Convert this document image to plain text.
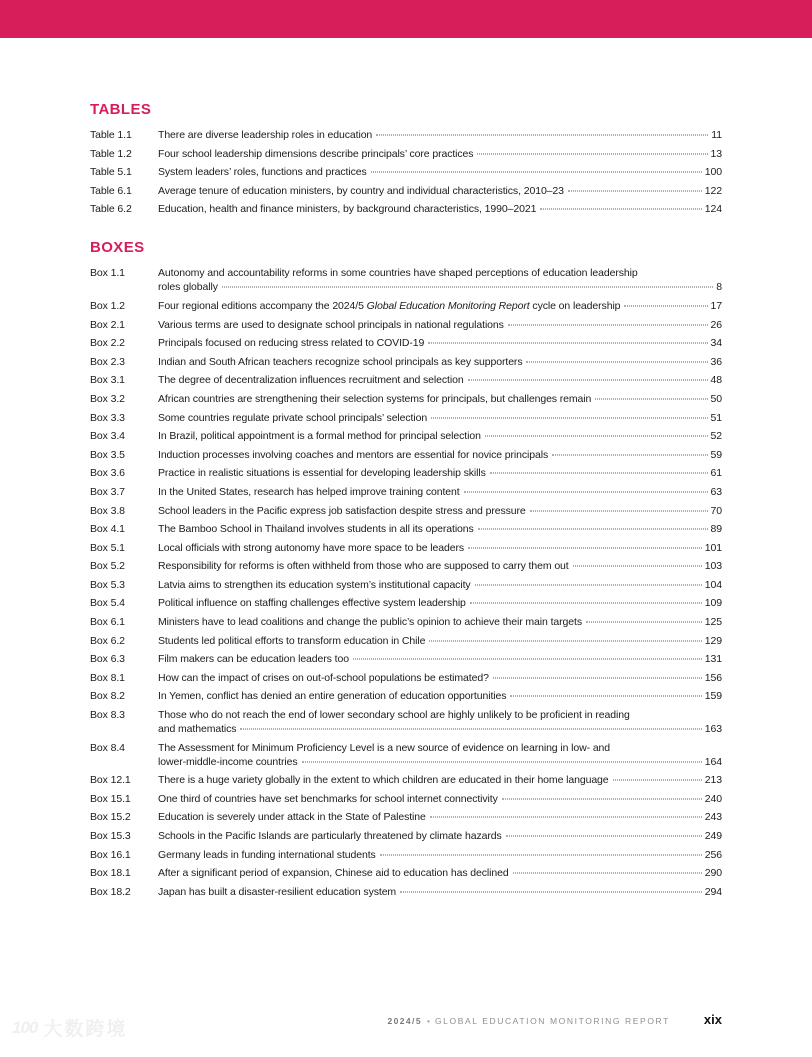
TABLES
Table 1.1	There are diverse leadership roles in education	11
Table 1.2	Four school leadership dimensions describe principals’ core practices	13
Table 5.1	System leaders’ roles, functions and practices	100
Table 6.1	Average tenure of education ministers, by country and individual characteristics, 2010–23	122
Table 6.2	Education, health and finance ministers, by background characteristics, 1990–2021	124
BOXES
Box 1.1	Autonomy and accountability reforms in some countries have shaped perceptions of education leadership
roles globally	8
Box 1.2	Four regional editions accompany the 2024/5 Global Education Monitoring Report cycle on leadership	17
Box 2.1	Various terms are used to designate school principals in national regulations	26
Box 2.2	Principals focused on reducing stress related to COVID-19	34
Box 2.3	Indian and South African teachers recognize school principals as key supporters	36
Box 3.1	The degree of decentralization influences recruitment and selection	48
Box 3.2	African countries are strengthening their selection systems for principals, but challenges remain	50
Box 3.3	Some countries regulate private school principals’ selection	51
Box 3.4	In Brazil, political appointment is a formal method for principal selection	52
Box 3.5	Induction processes involving coaches and mentors are essential for novice principals	59
Box 3.6	Practice in realistic situations is essential for developing leadership skills	61
Box 3.7	In the United States, research has helped improve training content	63
Box 3.8	School leaders in the Pacific express job satisfaction despite stress and pressure	70
Box 4.1	The Bamboo School in Thailand involves students in all its operations	89
Box 5.1	Local officials with strong autonomy have more space to be leaders	101
Box 5.2	Responsibility for reforms is often withheld from those who are supposed to carry them out	103
Box 5.3	Latvia aims to strengthen its education system’s institutional capacity	104
Box 5.4	Political influence on staffing challenges effective system leadership	109
Box 6.1	Ministers have to lead coalitions and change the public’s opinion to achieve their main targets	125
Box 6.2	Students led political efforts to transform education in Chile	129
Box 6.3	Film makers can be education leaders too	131
Box 8.1	How can the impact of crises on out-of-school populations be estimated?	156
Box 8.2	In Yemen, conflict has denied an entire generation of education opportunities	159
Box 8.3	Those who do not reach the end of lower secondary school are highly unlikely to be proficient in reading
and mathematics	163
Box 8.4	The Assessment for Minimum Proficiency Level is a new source of evidence on learning in low- and
lower-middle-income countries	164
Box 12.1	There is a huge variety globally in the extent to which children are educated in their home language	213
Box 15.1	One third of countries have set benchmarks for school internet connectivity	240
Box 15.2	Education is severely under attack in the State of Palestine	243
Box 15.3	Schools in the Pacific Islands are particularly threatened by climate hazards	249
Box 16.1	Germany leads in funding international students	256
Box 18.1	After a significant period of expansion, Chinese aid to education has declined	290
Box 18.2	Japan has built a disaster-resilient education system	294
2024/5 • GLOBAL EDUCATION MONITORING REPORT	xix
100 大数跨境
